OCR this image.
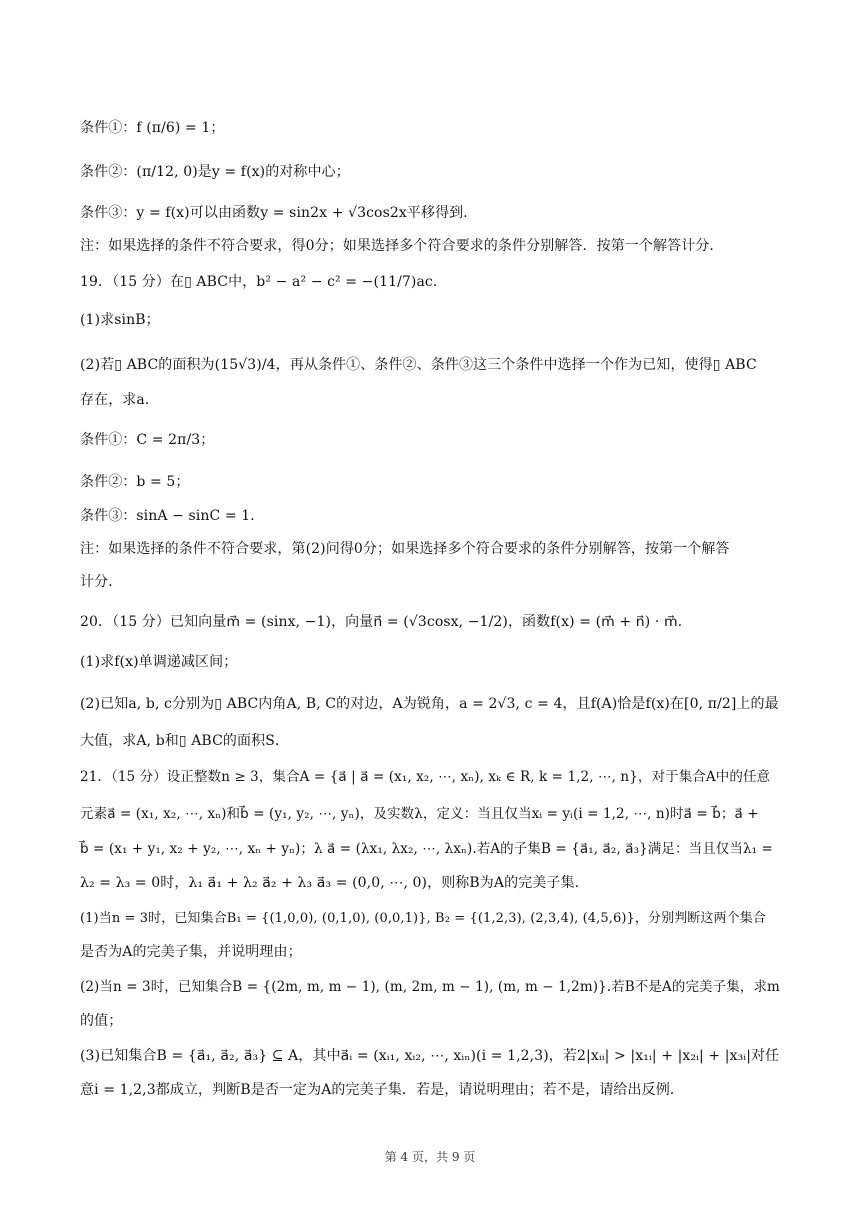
条件①：f (π/6) = 1；
条件②：(π/12, 0)是y = f(x)的对称中心；
条件③：y = f(x)可以由函数y = sin2x + √3cos2x平移得到．
注：如果选择的条件不符合要求，得0分；如果选择多个符合要求的条件分别解答．按第一个解答计分．
19．（15 分）在▯ ABC中，b² − a² − c² = −(11/7)ac．
(1)求sinB；
(2)若▯ ABC的面积为(15√3)/4，再从条件①、条件②、条件③这三个条件中选择一个作为已知，使得▯ ABC
存在，求a．
条件①：C = 2π/3；
条件②：b = 5；
条件③：sinA − sinC = 1．
注：如果选择的条件不符合要求，第(2)问得0分；如果选择多个符合要求的条件分别解答，按第一个解答
计分．
20．（15 分）已知向量m⃗ = (sinx, −1)，向量n⃗ = (√3cosx, −1/2)，函数f(x) = (m⃗ + n⃗) · m⃗．
(1)求f(x)单调递减区间；
(2)已知a, b, c分别为▯ ABC内角A, B, C的对边，A为锐角，a = 2√3, c = 4，且f(A)恰是f(x)在[0, π/2]上的最
大值，求A, b和▯ ABC的面积S．
21．（15 分）设正整数n ≥ 3，集合A = {a⃗ | a⃗ = (x₁, x₂, ⋯, xₙ), xₖ ∈ R, k = 1,2, ⋯, n}，对于集合A中的任意
元素a⃗ = (x₁, x₂, ⋯, xₙ)和b⃗ = (y₁, y₂, ⋯, yₙ)，及实数λ，定义：当且仅当xᵢ = yᵢ(i = 1,2, ⋯, n)时a⃗ = b⃗；a⃗ +
b⃗ = (x₁ + y₁, x₂ + y₂, ⋯, xₙ + yₙ)；λ a⃗ = (λx₁, λx₂, ⋯, λxₙ).若A的子集B = {a⃗₁, a⃗₂, a⃗₃}满足：当且仅当λ₁ =
λ₂ = λ₃ = 0时，λ₁ a⃗₁ + λ₂ a⃗₂ + λ₃ a⃗₃ = (0,0, ⋯, 0)，则称B为A的完美子集．
(1)当n = 3时，已知集合B₁ = {(1,0,0), (0,1,0), (0,0,1)}, B₂ = {(1,2,3), (2,3,4), (4,5,6)}，分别判断这两个集合
是否为A的完美子集，并说明理由；
(2)当n = 3时，已知集合B = {(2m, m, m − 1), (m, 2m, m − 1), (m, m − 1,2m)}.若B不是A的完美子集，求m
的值；
(3)已知集合B = {a⃗₁, a⃗₂, a⃗₃} ⊆ A，其中a⃗ᵢ = (xᵢ₁, xᵢ₂, ⋯, xᵢₙ)(i = 1,2,3)，若2|xᵢᵢ| > |x₁ᵢ| + |x₂ᵢ| + |x₃ᵢ|对任
意i = 1,2,3都成立，判断B是否一定为A的完美子集．若是，请说明理由；若不是，请给出反例．
第 4 页，共 9 页
